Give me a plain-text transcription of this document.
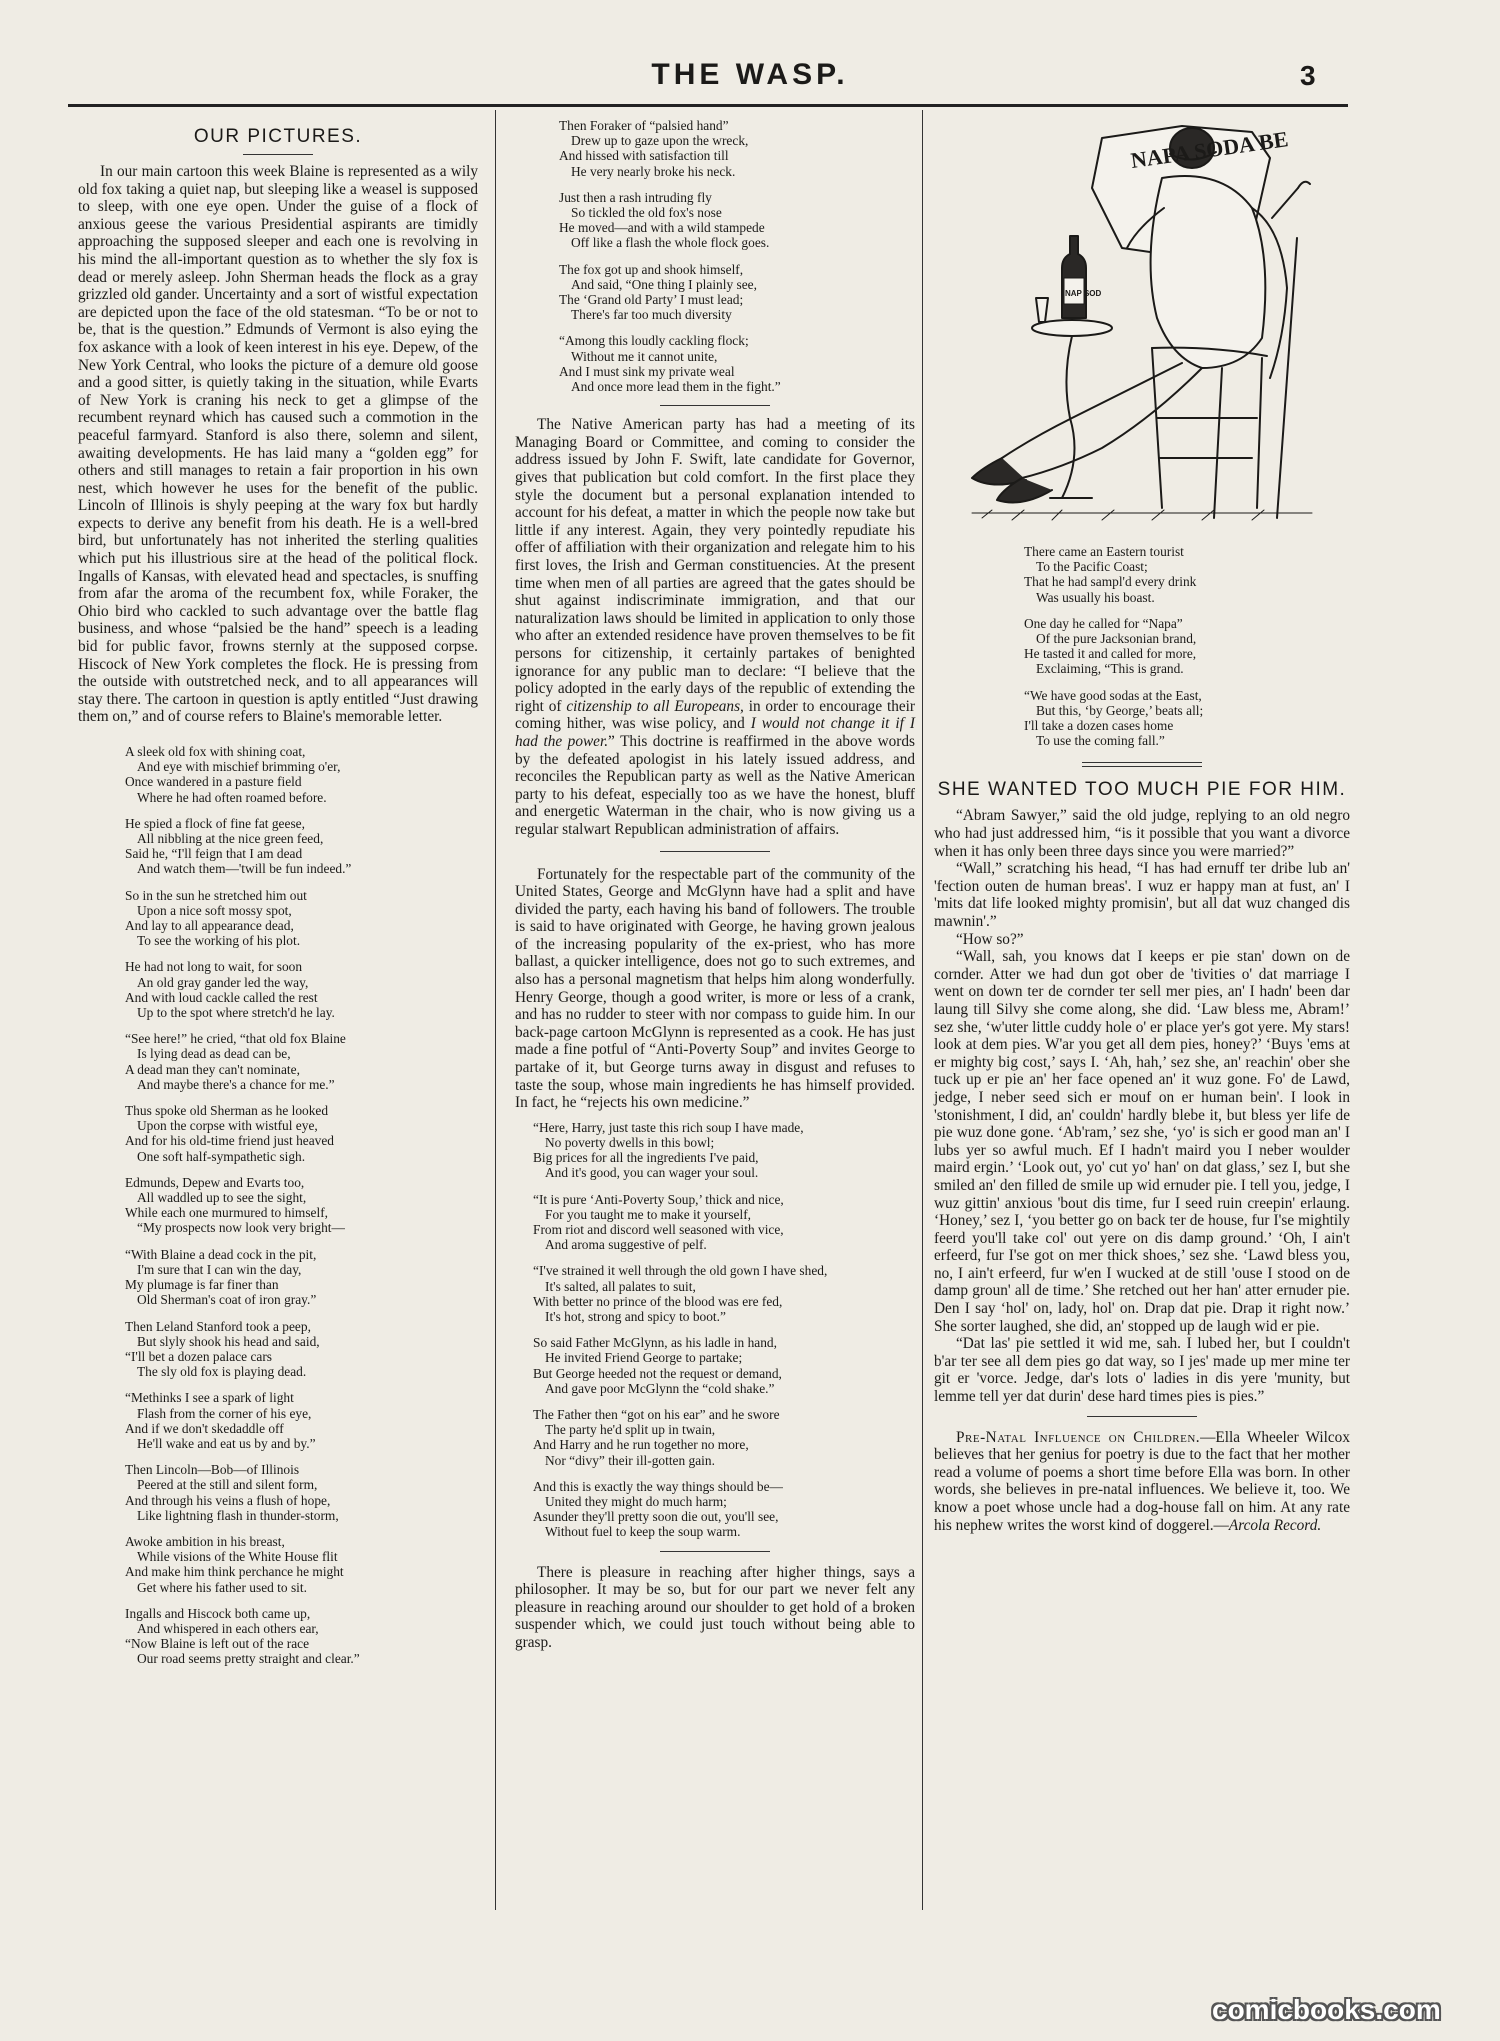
THE WASP.	3
OUR PICTURES.

In our main cartoon this week Blaine is represented as a wily old fox taking a quiet nap, but sleeping like a weasel is supposed to sleep, with one eye open. Under the guise of a flock of anxious geese the various Presidential aspirants are timidly approaching the supposed sleeper and each one is revolving in his mind the all-important question as to whether the sly fox is dead or merely asleep. John Sherman heads the flock as a gray grizzled old gander. Uncertainty and a sort of wistful expectation are depicted upon the face of the old statesman. “To be or not to be, that is the question.” Edmunds of Vermont is also eying the fox askance with a look of keen interest in his eye. Depew, of the New York Central, who looks the picture of a demure old goose and a good sitter, is quietly taking in the situation, while Evarts of New York is craning his neck to get a glimpse of the recumbent reynard which has caused such a commotion in the peaceful farmyard. Stanford is also there, solemn and silent, awaiting developments. He has laid many a “golden egg” for others and still manages to retain a fair proportion in his own nest, which however he uses for the benefit of the public. Lincoln of Illinois is shyly peeping at the wary fox but hardly expects to derive any benefit from his death. He is a well-bred bird, but unfortunately has not inherited the sterling qualities which put his illustrious sire at the head of the political flock. Ingalls of Kansas, with elevated head and spectacles, is snuffing from afar the aroma of the recumbent fox, while Foraker, the Ohio bird who cackled to such advantage over the battle flag business, and whose “palsied be the hand” speech is a leading bid for public favor, frowns sternly at the supposed corpse. Hiscock of New York completes the flock. He is pressing from the outside with outstretched neck, and to all appearances will stay there. The cartoon in question is aptly entitled “Just drawing them on,” and of course refers to Blaine's memorable letter.

A sleek old fox with shining coat,
And eye with mischief brimming o'er,
Once wandered in a pasture field
Where he had often roamed before.
He spied a flock of fine fat geese,
All nibbling at the nice green feed,
Said he, “I'll feign that I am dead
And watch them—'twill be fun indeed.”
So in the sun he stretched him out
Upon a nice soft mossy spot,
And lay to all appearance dead,
To see the working of his plot.
He had not long to wait, for soon
An old gray gander led the way,
And with loud cackle called the rest
Up to the spot where stretch'd he lay.
“See here!” he cried, “that old fox Blaine
Is lying dead as dead can be,
A dead man they can't nominate,
And maybe there's a chance for me.”
Thus spoke old Sherman as he looked
Upon the corpse with wistful eye,
And for his old-time friend just heaved
One soft half-sympathetic sigh.
Edmunds, Depew and Evarts too,
All waddled up to see the sight,
While each one murmured to himself,
“My prospects now look very bright—
“With Blaine a dead cock in the pit,
I'm sure that I can win the day,
My plumage is far finer than
Old Sherman's coat of iron gray.”
Then Leland Stanford took a peep,
But slyly shook his head and said,
“I'll bet a dozen palace cars
The sly old fox is playing dead.
“Methinks I see a spark of light
Flash from the corner of his eye,
And if we don't skedaddle off
He'll wake and eat us by and by.”
Then Lincoln—Bob—of Illinois
Peered at the still and silent form,
And through his veins a flush of hope,
Like lightning flash in thunder-storm,
Awoke ambition in his breast,
While visions of the White House flit
And make him think perchance he might
Get where his father used to sit.
Ingalls and Hiscock both came up,
And whispered in each others ear,
“Now Blaine is left out of the race
Our road seems pretty straight and clear.”
Then Foraker of “palsied hand”
Drew up to gaze upon the wreck,
And hissed with satisfaction till
He very nearly broke his neck.
Just then a rash intruding fly
So tickled the old fox's nose
He moved—and with a wild stampede
Off like a flash the whole flock goes.
The fox got up and shook himself,
And said, “One thing I plainly see,
The ‘Grand old Party’ I must lead;
There's far too much diversity
“Among this loudly cackling flock;
Without me it cannot unite,
And I must sink my private weal
And once more lead them in the fight.”

The Native American party has had a meeting of its Managing Board or Committee, and coming to consider the address issued by John F. Swift, late candidate for Governor, gives that publication but cold comfort. In the first place they style the document but a personal explanation intended to account for his defeat, a matter in which the people now take but little if any interest. Again, they very pointedly repudiate his offer of affiliation with their organization and relegate him to his first loves, the Irish and German constituencies. At the present time when men of all parties are agreed that the gates should be shut against indiscriminate immigration, and that our naturalization laws should be limited in application to only those who after an extended residence have proven themselves to be fit persons for citizenship, it certainly partakes of benighted ignorance for any public man to declare: “I believe that the policy adopted in the early days of the republic of extending the right of citizenship to all Europeans, in order to encourage their coming hither, was wise policy, and I would not change it if I had the power.” This doctrine is reaffirmed in the above words by the defeated apologist in his lately issued address, and reconciles the Republican party as well as the Native American party to his defeat, especially too as we have the honest, bluff and energetic Waterman in the chair, who is now giving us a regular stalwart Republican administration of affairs.

Fortunately for the respectable part of the community of the United States, George and McGlynn have had a split and have divided the party, each having his band of followers. The trouble is said to have originated with George, he having grown jealous of the increasing popularity of the ex-priest, who has more ballast, a quicker intelligence, does not go to such extremes, and also has a personal magnetism that helps him along wonderfully. Henry George, though a good writer, is more or less of a crank, and has no rudder to steer with nor compass to guide him. In our back-page cartoon McGlynn is represented as a cook. He has just made a fine potful of “Anti-Poverty Soup” and invites George to partake of it, but George turns away in disgust and refuses to taste the soup, whose main ingredients he has himself provided. In fact, he “rejects his own medicine.”

“Here, Harry, just taste this rich soup I have made,
No poverty dwells in this bowl;
Big prices for all the ingredients I've paid,
And it's good, you can wager your soul.
“It is pure ‘Anti-Poverty Soup,’ thick and nice,
For you taught me to make it yourself,
From riot and discord well seasoned with vice,
And aroma suggestive of pelf.
“I've strained it well through the old gown I have shed,
It's salted, all palates to suit,
With better no prince of the blood was ere fed,
It's hot, strong and spicy to boot.”
So said Father McGlynn, as his ladle in hand,
He invited Friend George to partake;
But George heeded not the request or demand,
And gave poor McGlynn the “cold shake.”
The Father then “got on his ear” and he swore
The party he'd split up in twain,
And Harry and he run together no more,
Nor “divy” their ill-gotten gain.
And this is exactly the way things should be—
United they might do much harm;
Asunder they'll pretty soon die out, you'll see,
Without fuel to keep the soup warm.

There is pleasure in reaching after higher things, says a philosopher. It may be so, but for our part we never felt any pleasure in reaching around our shoulder to get hold of a broken suspender which, we could just touch without being able to grasp.

NAPA SODA BE
NAP SOD
There came an Eastern tourist
To the Pacific Coast;
That he had sampl'd every drink
Was usually his boast.
One day he called for “Napa”
Of the pure Jacksonian brand,
He tasted it and called for more,
Exclaiming, “This is grand.
“We have good sodas at the East,
But this, ‘by George,’ beats all;
I'll take a dozen cases home
To use the coming fall.”
SHE WANTED TOO MUCH PIE FOR HIM.

“Abram Sawyer,” said the old judge, replying to an old negro who had just addressed him, “is it possible that you want a divorce when it has only been three days since you were married?”

“Wall,” scratching his head, “I has had ernuff ter dribe lub an' 'fection outen de human breas'. I wuz er happy man at fust, an' I 'mits dat life looked mighty promisin', but all dat wuz changed dis mawnin'.”

“How so?”

“Wall, sah, you knows dat I keeps er pie stan' down on de cornder. Atter we had dun got ober de 'tivities o' dat marriage I went on down ter de cornder ter sell mer pies, an' I hadn' been dar laung till Silvy she come along, she did. ‘Law bless me, Abram!’ sez she, ‘w'uter little cuddy hole o' er place yer's got yere. My stars! look at dem pies. W'ar you get all dem pies, honey?’ ‘Buys 'ems at er mighty big cost,’ says I. ‘Ah, hah,’ sez she, an' reachin' ober she tuck up er pie an' her face opened an' it wuz gone. Fo' de Lawd, jedge, I neber seed sich er mouf on er human bein'. I look in 'stonishment, I did, an' couldn' hardly blebe it, but bless yer life de pie wuz done gone. ‘Ab'ram,’ sez she, ‘yo' is sich er good man an' I lubs yer so awful much. Ef I hadn't maird you I neber woulder maird ergin.’ ‘Look out, yo' cut yo' han' on dat glass,’ sez I, but she smiled an' den filled de smile up wid ernuder pie. I tell you, jedge, I wuz gittin' anxious 'bout dis time, fur I seed ruin creepin' erlaung. ‘Honey,’ sez I, ‘you better go on back ter de house, fur I'se mightily feerd you'll take col' out yere on dis damp ground.’ ‘Oh, I ain't erfeerd, fur I'se got on mer thick shoes,’ sez she. ‘Lawd bless you, no, I ain't erfeerd, fur w'en I wucked at de still 'ouse I stood on de damp groun' all de time.’ She retched out her han' atter ernuder pie. Den I say ‘hol' on, lady, hol' on. Drap dat pie. Drap it right now.’ She sorter laughed, she did, an' stopped up de laugh wid er pie.

“Dat las' pie settled it wid me, sah. I lubed her, but I couldn't b'ar ter see all dem pies go dat way, so I jes' made up mer mine ter git er 'vorce. Jedge, dar's lots o' ladies in dis yere 'munity, but lemme tell yer dat durin' dese hard times pies is pies.”

Pre-Natal Influence on Children.—Ella Wheeler Wilcox believes that her genius for poetry is due to the fact that her mother read a volume of poems a short time before Ella was born. In other words, she believes in pre-natal influences. We believe it, too. We know a poet whose uncle had a dog-house fall on him. At any rate his nephew writes the worst kind of doggerel.—Arcola Record.

comicbooks.com
